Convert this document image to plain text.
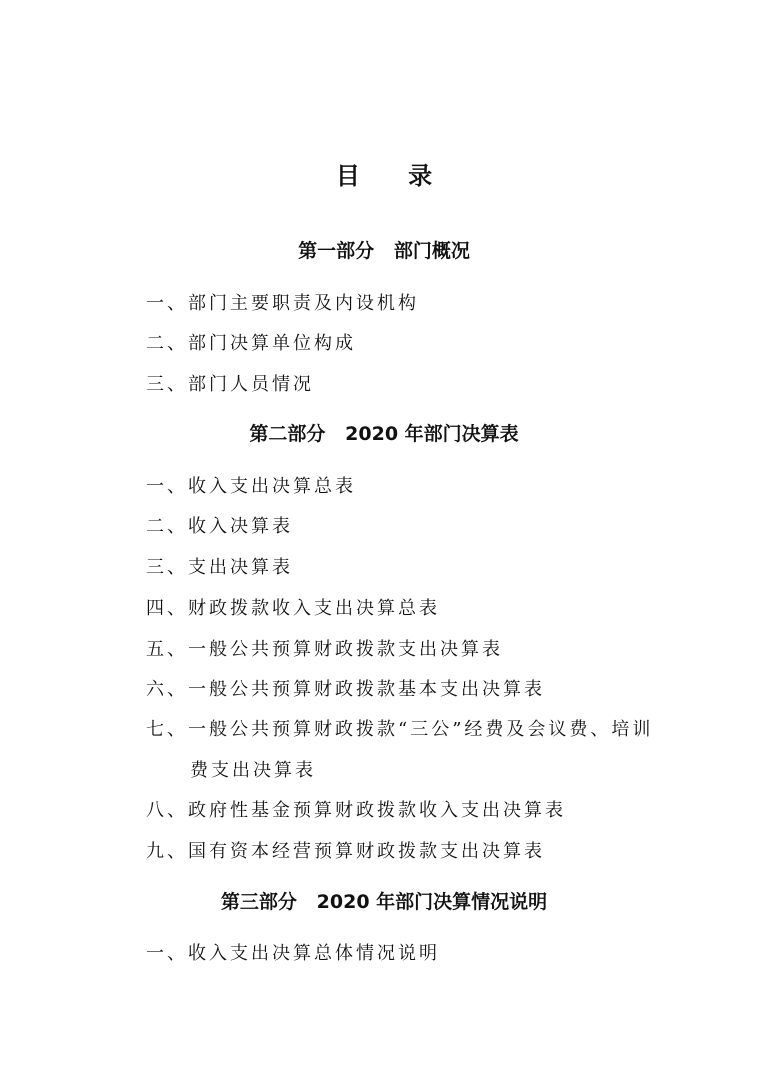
目 录
第一部分   部门概况
一、部门主要职责及内设机构
二、部门决算单位构成
三、部门人员情况
第二部分   2020 年部门决算表
一、收入支出决算总表
二、收入决算表
三、支出决算表
四、财政拨款收入支出决算总表
五、一般公共预算财政拨款支出决算表
六、一般公共预算财政拨款基本支出决算表
七、一般公共预算财政拨款“三公”经费及会议费、培训
费支出决算表
八、政府性基金预算财政拨款收入支出决算表
九、国有资本经营预算财政拨款支出决算表
第三部分   2020 年部门决算情况说明
一、收入支出决算总体情况说明
